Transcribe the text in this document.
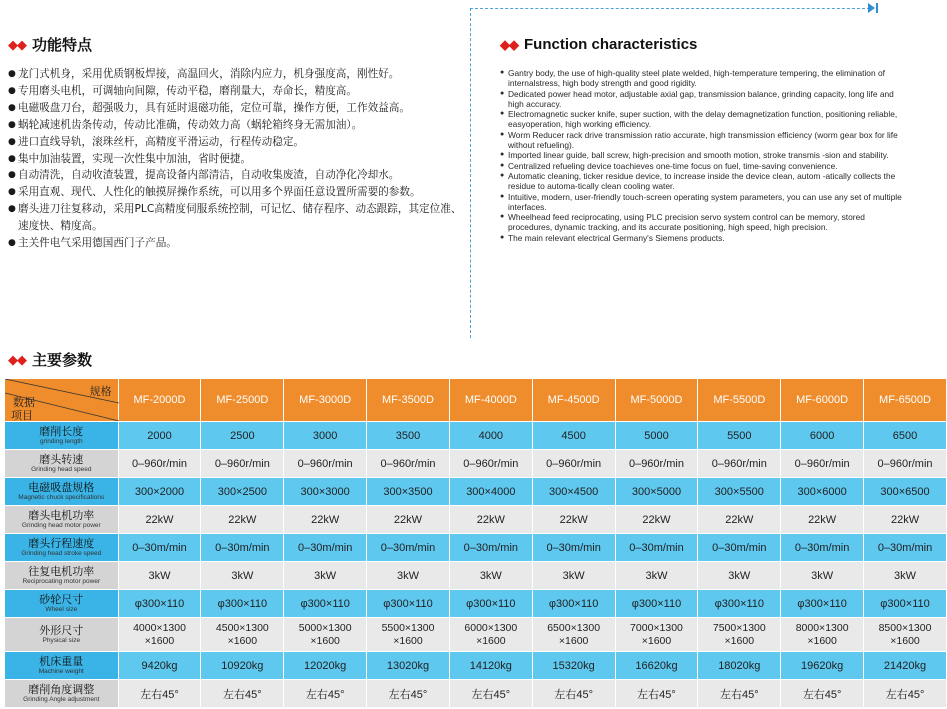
◆◆ 功能特点
● 龙门式机身，采用优质钢板焊接，高温回火，消除内应力，机身强度高，刚性好。
● 专用磨头电机，可调轴向间隙，传动平稳，磨削量大，寿命长，精度高。
● 电磁吸盘刀台，超强吸力，具有延时退磁功能，定位可靠，操作方便，工作效益高。
● 蜗轮减速机齿条传动，传动比准确，传动效力高（蜗轮箱终身无需加油）。
● 进口直线导轨，滚珠丝杆，高精度平滑运动，行程传动稳定。
● 集中加油装置，实现一次性集中加油，省时便捷。
● 自动清洗，自动收渣装置，提高设备内部清洁，自动收集废渣，自动净化冷却水。
● 采用直观、现代、人性化的触摸屏操作系统，可以用多个界面任意设置所需要的参数。
● 磨头进刀往复移动，采用PLC高精度伺服系统控制，可记忆、储存程序、动态跟踪，其定位准、速度快、精度高。
● 主关件电气采用德国西门子产品。
◆◆ Function characteristics
● Gantry body, the use of high-quality steel plate welded, high-temperature tempering, the elimination of internalstress, high body strength and good rigidity.
● Dedicated power head motor, adjustable axial gap, transmission balance, grinding capacity, long life and high accuracy.
● Electromagnetic sucker knife, super suction, with the delay demagnetization function, positioning reliable, easyoperation, high working efficiency.
● Worm Reducer rack drive transmission ratio accurate, high transmission efficiency (worm gear box for life without refueling).
● Imported linear guide, ball screw, high-precision and smooth motion, stroke transmis -sion and stability.
● Centralized refueling device toachieves one-time focus on fuel, time-saving convenience.
● Automatic cleaning, ticker residue device, to increase inside the device clean, autom -atically collects the residue to automa-tically clean cooling water.
● Intuitive, modern, user-friendly touch-screen operating system parameters, you can use any set of multiple interfaces.
● Wheelhead feed reciprocating, using PLC precision servo system control can be memory, stored procedures, dynamic tracking, and its accurate positioning, high speed, high precision.
● The main relevant electrical Germany's Siemens products.
◆◆ 主要参数
规格
数据
项目	MF-2000D	MF-2500D	MF-3000D	MF-3500D	MF-4000D	MF-4500D	MF-5000D	MF-5500D	MF-6000D	MF-6500D

磨削长度
grinding length	2000	2500	3000	3500	4000	4500	5000	5500	6000	6500

磨头转速
Grinding head speed	0–960r/min	0–960r/min	0–960r/min	0–960r/min	0–960r/min	0–960r/min	0–960r/min	0–960r/min	0–960r/min	0–960r/min

电磁吸盘规格
Magnetic chuck specifications	300×2000	300×2500	300×3000	300×3500	300×4000	300×4500	300×5000	300×5500	300×6000	300×6500

磨头电机功率
Grinding head motor power	22kW	22kW	22kW	22kW	22kW	22kW	22kW	22kW	22kW	22kW

磨头行程速度
Grinding head stroke speed	0–30m/min	0–30m/min	0–30m/min	0–30m/min	0–30m/min	0–30m/min	0–30m/min	0–30m/min	0–30m/min	0–30m/min

往复电机功率
Reciprocating motor power	3kW	3kW	3kW	3kW	3kW	3kW	3kW	3kW	3kW	3kW

砂轮尺寸
Wheel size	φ300×110	φ300×110	φ300×110	φ300×110	φ300×110	φ300×110	φ300×110	φ300×110	φ300×110	φ300×110

外形尺寸
Physical size	4000×1300 ×1600	4500×1300 ×1600	5000×1300 ×1600	5500×1300 ×1600	6000×1300 ×1600	6500×1300 ×1600	7000×1300 ×1600	7500×1300 ×1600	8000×1300 ×1600	8500×1300 ×1600

机床重量
Machine weight	9420kg	10920kg	12020kg	13020kg	14120kg	15320kg	16620kg	18020kg	19620kg	21420kg

磨削角度调整
Grinding Angle adjustment	左右45°	左右45°	左右45°	左右45°	左右45°	左右45°	左右45°	左右45°	左右45°	左右45°
